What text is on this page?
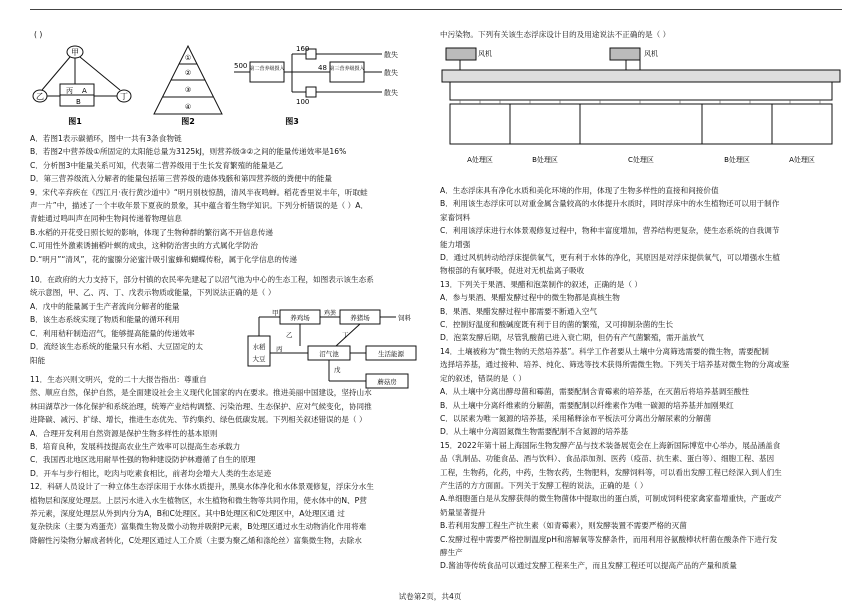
( )

甲
乙
丙 A
B
丁
图1
①
②
③
④
图2
500 第二营养级摄入	第三营养级摄入
160
48
100
散失
散失
散失
图3

A．若图1表示碳循环，图中一共有3条食物链

B．若图2中营养级①所固定的太阳能总量为3125kJ，则营养级③②之间的能量传递效率是16%

C．分析图3中能量关系可知，代表第二营养级用于生长发育繁殖的能量是乙

D．第三营养级流入分解者的能量包括第三营养级的遗体残骸和第四营养级的粪便中的能量

9．宋代辛弃疾在《西江月·夜行黄沙道中》“明月别枝惊鹊，清风半夜鸣蝉。稻花香里说丰年，听取蛙

声一片”中，描述了一个丰收年景下夏夜的景象，其中蕴含着生物学知识。下列分析错误的是（ ）A．

青蛙通过鸣叫声在同种生物间传递着物理信息

B.水稻的开花受日照长短的影响，体现了生物种群的繁衍离不开信息传递

C.可用性外激素诱捕稻叶螟的成虫，这种防治害虫的方式属化学防治

D.“明月”“清风”，花的蜜腺分泌蜜汁吸引蜜蜂和蝴蝶传粉，属于化学信息的传递

10．在政府的大力支持下，部分村镇的农民率先建起了以沼气池为中心的生态工程，如图表示该生态系

统示意图，甲、乙、丙、丁、戊表示物质或能量，下列说法正确的是（ ）

A．戊中的能量属于生产者流向分解者的能量

B．该生态系统实现了物质和能量的循环利用

C．利用秸秆制造沼气，能够提高能量的传递效率

D．流经该生态系统的能量只有水稻、大豆固定的太

阳能

11．生态兴则文明兴，党的二十大报告指出：尊重自

然、顺应自然，保护自然，是全面建设社会主义现代化国家的内在要求。推进美丽中国建设，坚持山水

林田湖草沙一体化保护和系统治理，统筹产业结构调整、污染治理、生态保护、应对气候变化，协同推

进降碳、减污、扩绿、增长，推进生态优先、节约集约、绿色低碳发展。下列相关叙述错误的是（ ）

A．合理开发利用自然资源是保护生物多样性的基本原则

B．培育良种，发展科技提高农业生产效率可以提高生态承载力

C．我国西北地区选用耐旱性强的物种建设防护林遵循了自生的原理

D．开车与步行相比，吃肉与吃素食相比，前者均会增大人类的生态足迹

12．科研人员设计了一种立体生态浮床用于水体水质提升，黑臭水体净化和水体景观修复，浮床分水生

植物层和深度处理层。上层污水进入水生植物区，水生植物和微生物等共同作用，使水体中的N、P营

养元素，深度处理层从外到内分为A，B和C处理区。其中B处理区和C处理区中，A处理区通 过

复杂铁床（主要为鸡蛋壳）富集微生物及微小动物并吸附P元素，B处理区通过水生动物消化作用将难

降解性污染物分解成者转化，C处理区通过人工介质（主要为聚乙烯和涤纶丝）富集微生物，去除水

水稻
大豆
养鸡场	养猪场
鸡粪
饲料
沼气池	生活能源
蘑菇房
甲
乙
丙
丁
戊

中污染物。下列有关该生态浮床设计目的及用途说法不正确的是（ ）

风机	风机
A处理区	B处理区	C处理区	B处理区	A处理区

A．生态浮床具有净化水质和美化环境的作用，体现了生物多样性的直接和间接价值

B．利用该生态浮床可以对重金属含量较高的水体提升水质时，同时浮床中的水生植物还可以用于制作

家畜饲料

C．利用该浮床进行水体景观修复过程中，物种丰富度增加，营养结构更复杂，使生态系统的自我调节

能力增强

D．通过风机转动给浮床提供氧气，更有利于水体的净化，其原因是对浮床提供氧气，可以增强水生植

物根部的有氧呼吸，促进对无机盐离子吸收

13．下列关于果酒、果醋和泡菜制作的叙述，正确的是（ ）

A．参与果酒、果醋发酵过程中的微生物都是真核生物

B．果酒、果醋发酵过程中都需要不断通入空气

C．控制好温度和酸碱度既有利于目的菌的繁殖，又可抑制杂菌的生长

D．泡菜发酵后期，尽管乳酸菌已进入衰亡期，但仍有产气菌繁殖，需开盖放气

14．土壤被称为“微生物的天然培养基”。科学工作者要从土壤中分离筛选需要的微生物，需要配制

选择培养基，通过接种、培养、纯化、筛选等技术获得所需微生物。下列关于培养基对微生物的分离或鉴

定的叙述，错误的是（ ）

A．从土壤中分离出酵母菌和霉菌，需要配制含青霉素的培养基，在灭菌后将培养基调至酸性

B．从土壤中分离纤维素的分解菌，需要配制以纤维素作为唯一碳源的培养基并加刚果红

C．以尿素为唯一氮源的培养基，采用稀释涂布平板法可分离出分解尿素的分解菌

D．从土壤中分离固氮微生物需要配制不含氮源的培养基

15．2022年第十届上海国际生物发酵产品与技术装备展览会在上海新国际博览中心举办，展品涵盖食

品（乳制品、功能食品、酒与饮料）、食品添加剂、医药（疫苗、抗生素、蛋白等）、细胞工程、基因

工程，生物药，化药，中药，生物农药，生物肥料，发酵饲料等，可以看出发酵工程已经深入到人们生

产生活的方方面面。下列关于发酵工程的说法，正确的是（ ）

A.单细胞蛋白是从发酵获得的微生物菌体中提取出的蛋白质，可制成饲料使家禽家畜增重快，产蛋或产

奶量显著提升

B.若利用发酵工程生产抗生素（如青霉素），则发酵装置不需要严格的灭菌

C.发酵过程中需要严格控制温度pH和溶解氧等发酵条件，而用利用谷氨酸棒状杆菌在酸条件下进行发

酵生产

D.酱油等传统食品可以通过发酵工程来生产，而且发酵工程还可以提高产品的产量和质量

试卷第2页，共4页
